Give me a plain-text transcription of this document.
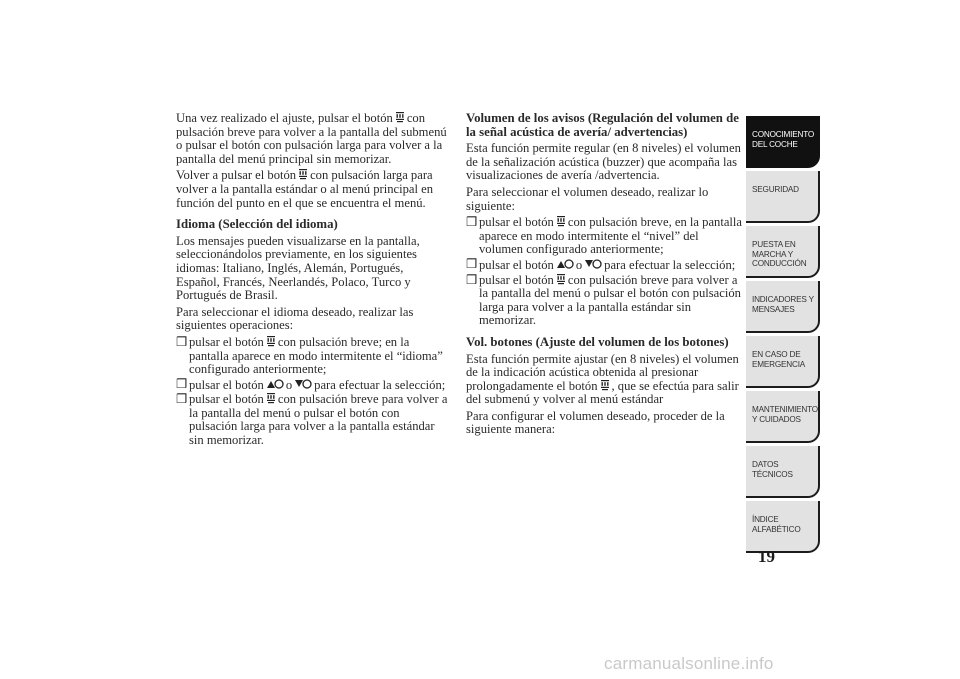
Una vez realizado el ajuste, pulsar el botón con pulsación breve para volver a la pantalla del submenú o pulsar el botón con pulsación larga para volver a la pantalla del menú principal sin memorizar.

Volver a pulsar el botón con pulsación larga para volver a la pantalla estándar o al menú principal en función del punto en el que se encuentra el menú.

Idioma (Selección del idioma)

Los mensajes pueden visualizarse en la pantalla, seleccionándolos previamente, en los siguientes idiomas: Italiano, Inglés, Alemán, Portugués, Español, Francés, Neerlandés, Polaco, Turco y Portugués de Brasil.

Para seleccionar el idioma deseado, realizar las siguientes operaciones:

❒ pulsar el botón con pulsación breve; en la pantalla aparece en modo intermitente el “idioma” configurado anteriormente;
❒ pulsar el botón o para efectuar la selección;
❒ pulsar el botón con pulsación breve para volver a la pantalla del menú o pulsar el botón con pulsación larga para volver a la pantalla estándar sin memorizar.

Volumen de los avisos (Regulación del volumen de la señal acústica de avería/ advertencias)

Esta función permite regular (en 8 niveles) el volumen de la señalización acústica (buzzer) que acompaña las visualizaciones de avería /advertencia.

Para seleccionar el volumen deseado, realizar lo siguiente:

❒ pulsar el botón con pulsación breve, en la pantalla aparece en modo intermitente el “nivel” del volumen configurado anteriormente;
❒ pulsar el botón o para efectuar la selección;
❒ pulsar el botón con pulsación breve para volver a la pantalla del menú o pulsar el botón con pulsación larga para volver a la pantalla estándar sin memorizar.

Vol. botones (Ajuste del volumen de los botones)

Esta función permite ajustar (en 8 niveles) el volumen de la indicación acústica obtenida al presionar prolongadamente el botón , que se efectúa para salir del submenú y volver al menú estándar

Para configurar el volumen deseado, proceder de la siguiente manera:

CONOCIMIENTO DEL COCHE
SEGURIDAD
PUESTA EN MARCHA Y CONDUCCIÓN
INDICADORES Y MENSAJES
EN CASO DE EMERGENCIA
MANTENIMIENTO Y CUIDADOS
DATOS TÉCNICOS
ÍNDICE ALFABÉTICO
19
carmanualsonline.info
